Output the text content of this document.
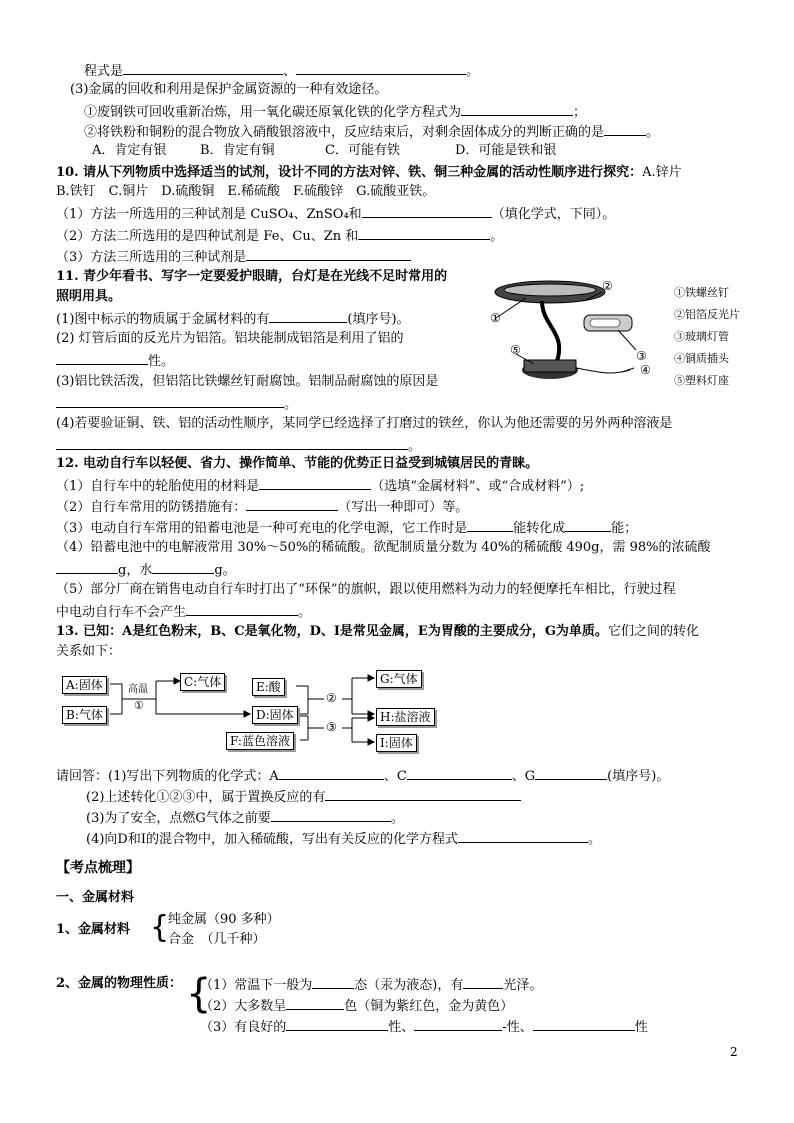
程式是	、	。
(3)金属的回收和利用是保护金属资源的一种有效途径。
①废钢铁可回收重新冶炼，用一氧化碳还原氧化铁的化学方程式为	；
②将铁粉和铜粉的混合物放入硝酸银溶液中，反应结束后，对剩余固体成分的判断正确的是	。
A．肯定有银	B．肯定有铜	C．可能有铁	D．可能是铁和银
10. 请从下列物质中选择适当的试剂，设计不同的方法对锌、铁、铜三种金属的活动性顺序进行探究：A.锌片
B.铁钉　C.铜片　D.硫酸铜　E.稀硫酸　F.硫酸锌　G.硫酸亚铁。
（1）方法一所选用的三种试剂是 CuSO₄、ZnSO₄和	（填化学式，下同）。
（2）方法二所选用的是四种试剂是 Fe、Cu、Zn 和	。
（3）方法三所选用的三种试剂是
11. 青少年看书、写字一定要爱护眼睛，台灯是在光线不足时常用的
照明用具。
(1)图中标示的物质属于金属材料的有	(填序号)。
(2) 灯管后面的反光片为铝箔。铝块能制成铝箔是利用了铝的
性。
(3)铝比铁活泼，但铝箔比铁螺丝钉耐腐蚀。铝制品耐腐蚀的原因是
。
(4)若要验证铜、铁、铝的活动性顺序，某同学已经选择了打磨过的铁丝，你认为他还需要的另外两种溶液是
。
①
②
③
④
⑤
①铁螺丝钉
②铝箔反光片
③玻璃灯管
④铜质插头
⑤塑料灯座
12. 电动自行车以轻便、省力、操作简单、节能的优势正日益受到城镇居民的青睐。
（1）自行车中的轮胎使用的材料是	（选填“金属材料”、或“合成材料”）;
（2）自行车常用的防锈措施有：	（写出一种即可）等。
（3）电动自行车常用的铅蓄电池是一种可充电的化学电源，它工作时是	能转化成	能；
（4）铅蓄电池中的电解液常用 30%～50%的稀硫酸。欲配制质量分数为 40%的稀硫酸 490g，需 98%的浓硫酸
g，水	g。
（5）部分厂商在销售电动自行车时打出了“环保”的旗帜，跟以使用燃料为动力的轻便摩托车相比，行驶过程
中电动自行车不会产生	。
13. 已知：A是红色粉末，B、C是氧化物，D、I是常见金属，E为胃酸的主要成分，G为单质。它们之间的转化
关系如下：
A:固体
B:气体
高温
①
C:气体	E:酸
D:固体
F:蓝色溶液
②
③
G:气体
H:盐溶液
I:固体
请回答：(1)写出下列物质的化学式：A	、C	、G	(填序号)。
(2)上述转化①②③中，属于置换反应的有
(3)为了安全，点燃G气体之前要	。
(4)向D和I的混合物中，加入稀硫酸，写出有关反应的化学方程式	。
【考点梳理】
一、金属材料
1、金属材料 {
纯金属（90 多种）
合金　（几千种）
2、金属的物理性质： {
（1）常温下一般为	态（汞为液态)，有	光泽。
（2）大多数呈	色（铜为紫红色，金为黄色）
（3）有良好的	性、	-性、	性
2
